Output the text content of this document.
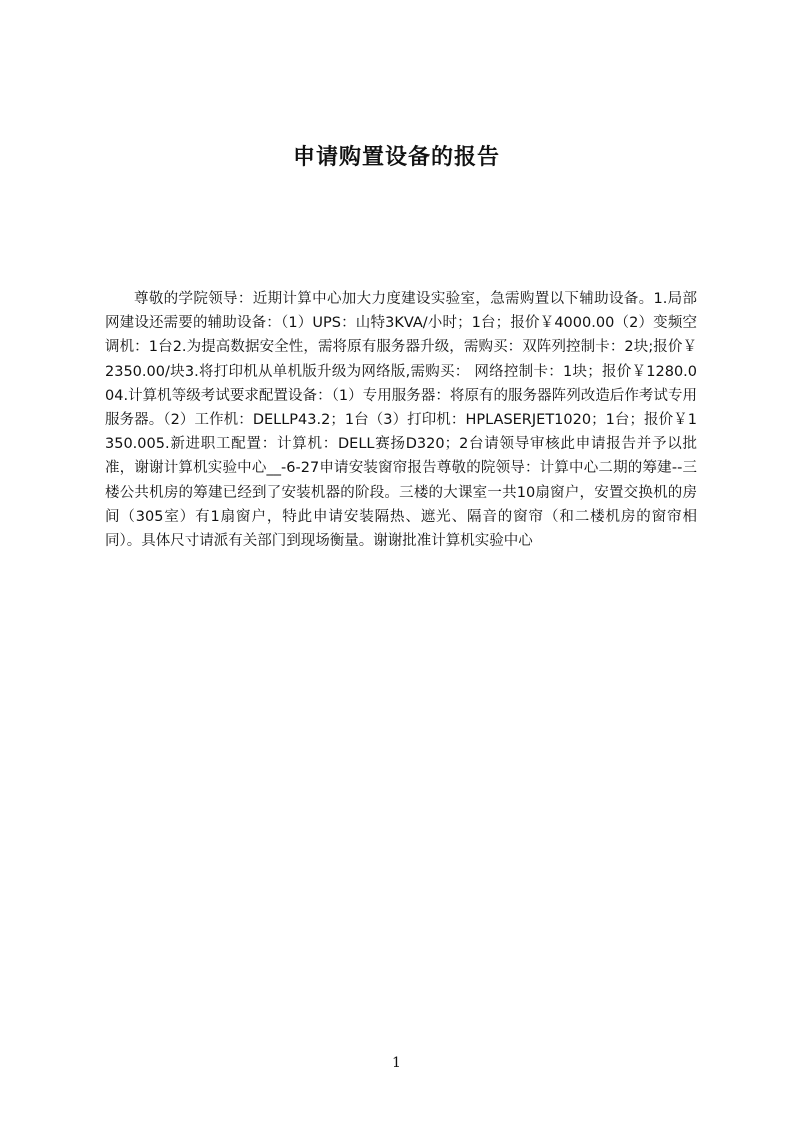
申请购置设备的报告

尊敬的学院领导：近期计算中心加大力度建设实验室，急需购置以下辅助设备。1.局部网建设还需要的辅助设备：（1）UPS：山特3KVA/小时；1台；报价￥4000.00（2）变频空调机：1台2.为提高数据安全性，需将原有服务器升级，需购买：双阵列控制卡：2块;报价￥ 2350.00/块3.将打印机从单机版升级为网络版,需购买： 网络控制卡：1块；报价￥1280.004.计算机等级考试要求配置设备：（1）专用服务器：将原有的服务器阵列改造后作考试专用服务器。（2）工作机：DELLP43.2；1台（3）打印机：HPLASERJET1020；1台；报价￥1350.005.新进职工配置：计算机：DELL赛扬D320；2台请领导审核此申请报告并予以批准，谢谢计算机实验中心__-6-27申请安装窗帘报告尊敬的院领导：计算中心二期的筹建--三楼公共机房的筹建已经到了安装机器的阶段。三楼的大课室一共10扇窗户，安置交换机的房间（305室）有1扇窗户，特此申请安装隔热、遮光、隔音的窗帘（和二楼机房的窗帘相同）。具体尺寸请派有关部门到现场衡量。谢谢批准计算机实验中心

1
